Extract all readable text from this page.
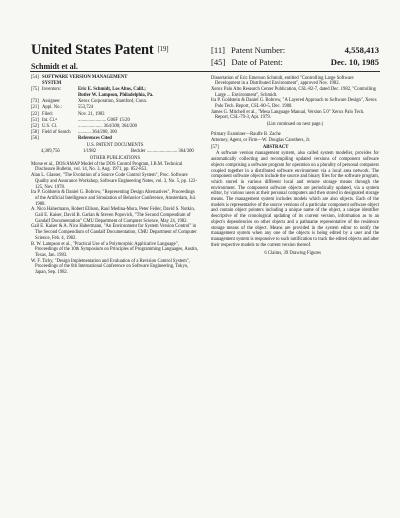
United States Patent [19]
Schmidt et al.
[11] Patent Number:	4,558,413
[45] Date of Patent:	Dec. 10, 1985
[54] SOFTWARE VERSION MANAGEMENT
SYSTEM
[75] Inventors:	Eric E. Schmidt, Los Altos, Calif.;
Butler W. Lampson, Philadelphia, Pa.
[73] Assignee:	Xerox Corporation, Stamford, Conn.
[21] Appl. No.:	553,724
[22] Filed:	Nov. 21, 1983
[51] Int. Cl.⁴	........................ G06F 15/20
[52] U.S. Cl.	..................... 364/300; 364/200
[58] Field of Search	........... 364/200, 300
[56]	References Cited
U.S. PATENT DOCUMENTS
4,309,756	1/1982	Beckler .......................... 364/300
OTHER PUBLICATIONS

Morse et al., DOS/AMAP Model of the DOS Control Program, I.B.M. Technical Disclosure Bulletin, vol. 14, No. 3, Aug. 1971, pp. 852-853.

Alan L. Glasser, "The Evolution of a Source Code Control System", Proc. Software Quality and Assurance Workshop, Software Engineering Notes, vol. 3, No. 5, pp. 122-125, Nov. 1978.

Ira P. Goldstein & Daniel G. Bobrow, "Representing Design Alternatives", Proceedings of the Artificial Intelligence and Simulation of Behavior Conference, Amsterdam, Jul. 1980.

A. Nico Habermann, Robert Ellison, Raul Medina-Mora, Peter Feiler, David S. Notkin, Gail E. Kaiser, David B. Garlan & Steven Popovich, "The Second Compendium of Gandalf Documentation" CMU Department of Computer Science, May 24, 1982.

Gail E. Kaiser & A. Nico Habermann, "An Environment for System Version Control" in The Second Compendium of Gandalf Documentation, CMU Department of Computer Science, Feb. 4, 1982.

B. W. Lampson et al., "Practical Use of a Polymorphic Applicative Language", Proceedings of the 10th Symposium on Principles of Programming Languages, Austin, Texas, Jan. 1983.

W. F. Tichy, "Design Implementation and Evaluation of a Revision Control System", Proceedings of the 6th International Conference on Software Engineering, Tokyo, Japan, Sep. 1982.

Dissertation of Eric Emerson Schmidt, entitled "Controlling Large Software Development in a Distributed Environment", approved Nov. 1982.

Xerox Palo Alto Research Center Publication, CSL-82-7, dated Dec. 1982, "Controlling Large ... Environment", Schmidt.

Ira P. Goldstein & Daniel G. Bobrow, "A Layered Approach to Software Design", Xerox Palo Tech. Report, CSL-80-5, Dec. 1980.

James G. Mitchell et al., "Mesa Language Manual, Version 5.0" Xerox Palo Tech. Report, CSL-79-3, Apr. 1979.

(List continued on next page.)

Primary Examiner—Raulfe B. Zache

Attorney, Agent, or Firm—W. Douglas Carothers, Jr.

[57]	ABSTRACT

A software version management system, also called system modeller, provides for automatically collecting and recompiling updated versions of component software objects comprising a software program for operation on a plurality of personal computers coupled together in a distributed software environment via a local area network. The component software objects include the source and binary files for the software program, which stored in various different local and remote storage means through the environment. The component software objects are periodically updated, via a system editor, by various users at their personal computers and then stored in designated storage means. The management system includes models which are also objects. Each of the models is representative of the source versions of a particular component software object and contain object pointers including a unique name of the object, a unique identifier descriptive of the cronological updating of its current version, information as to an object's dependencies on other objects and a pathname representative of the residence storage means of the object. Means are provided in the system editor to notify the management system when any one of the objects is being edited by a user and the management system is responsive to such notification to track the edited objects and alter their respective models to the current version thereof.

6 Claims, 39 Drawing Figures
